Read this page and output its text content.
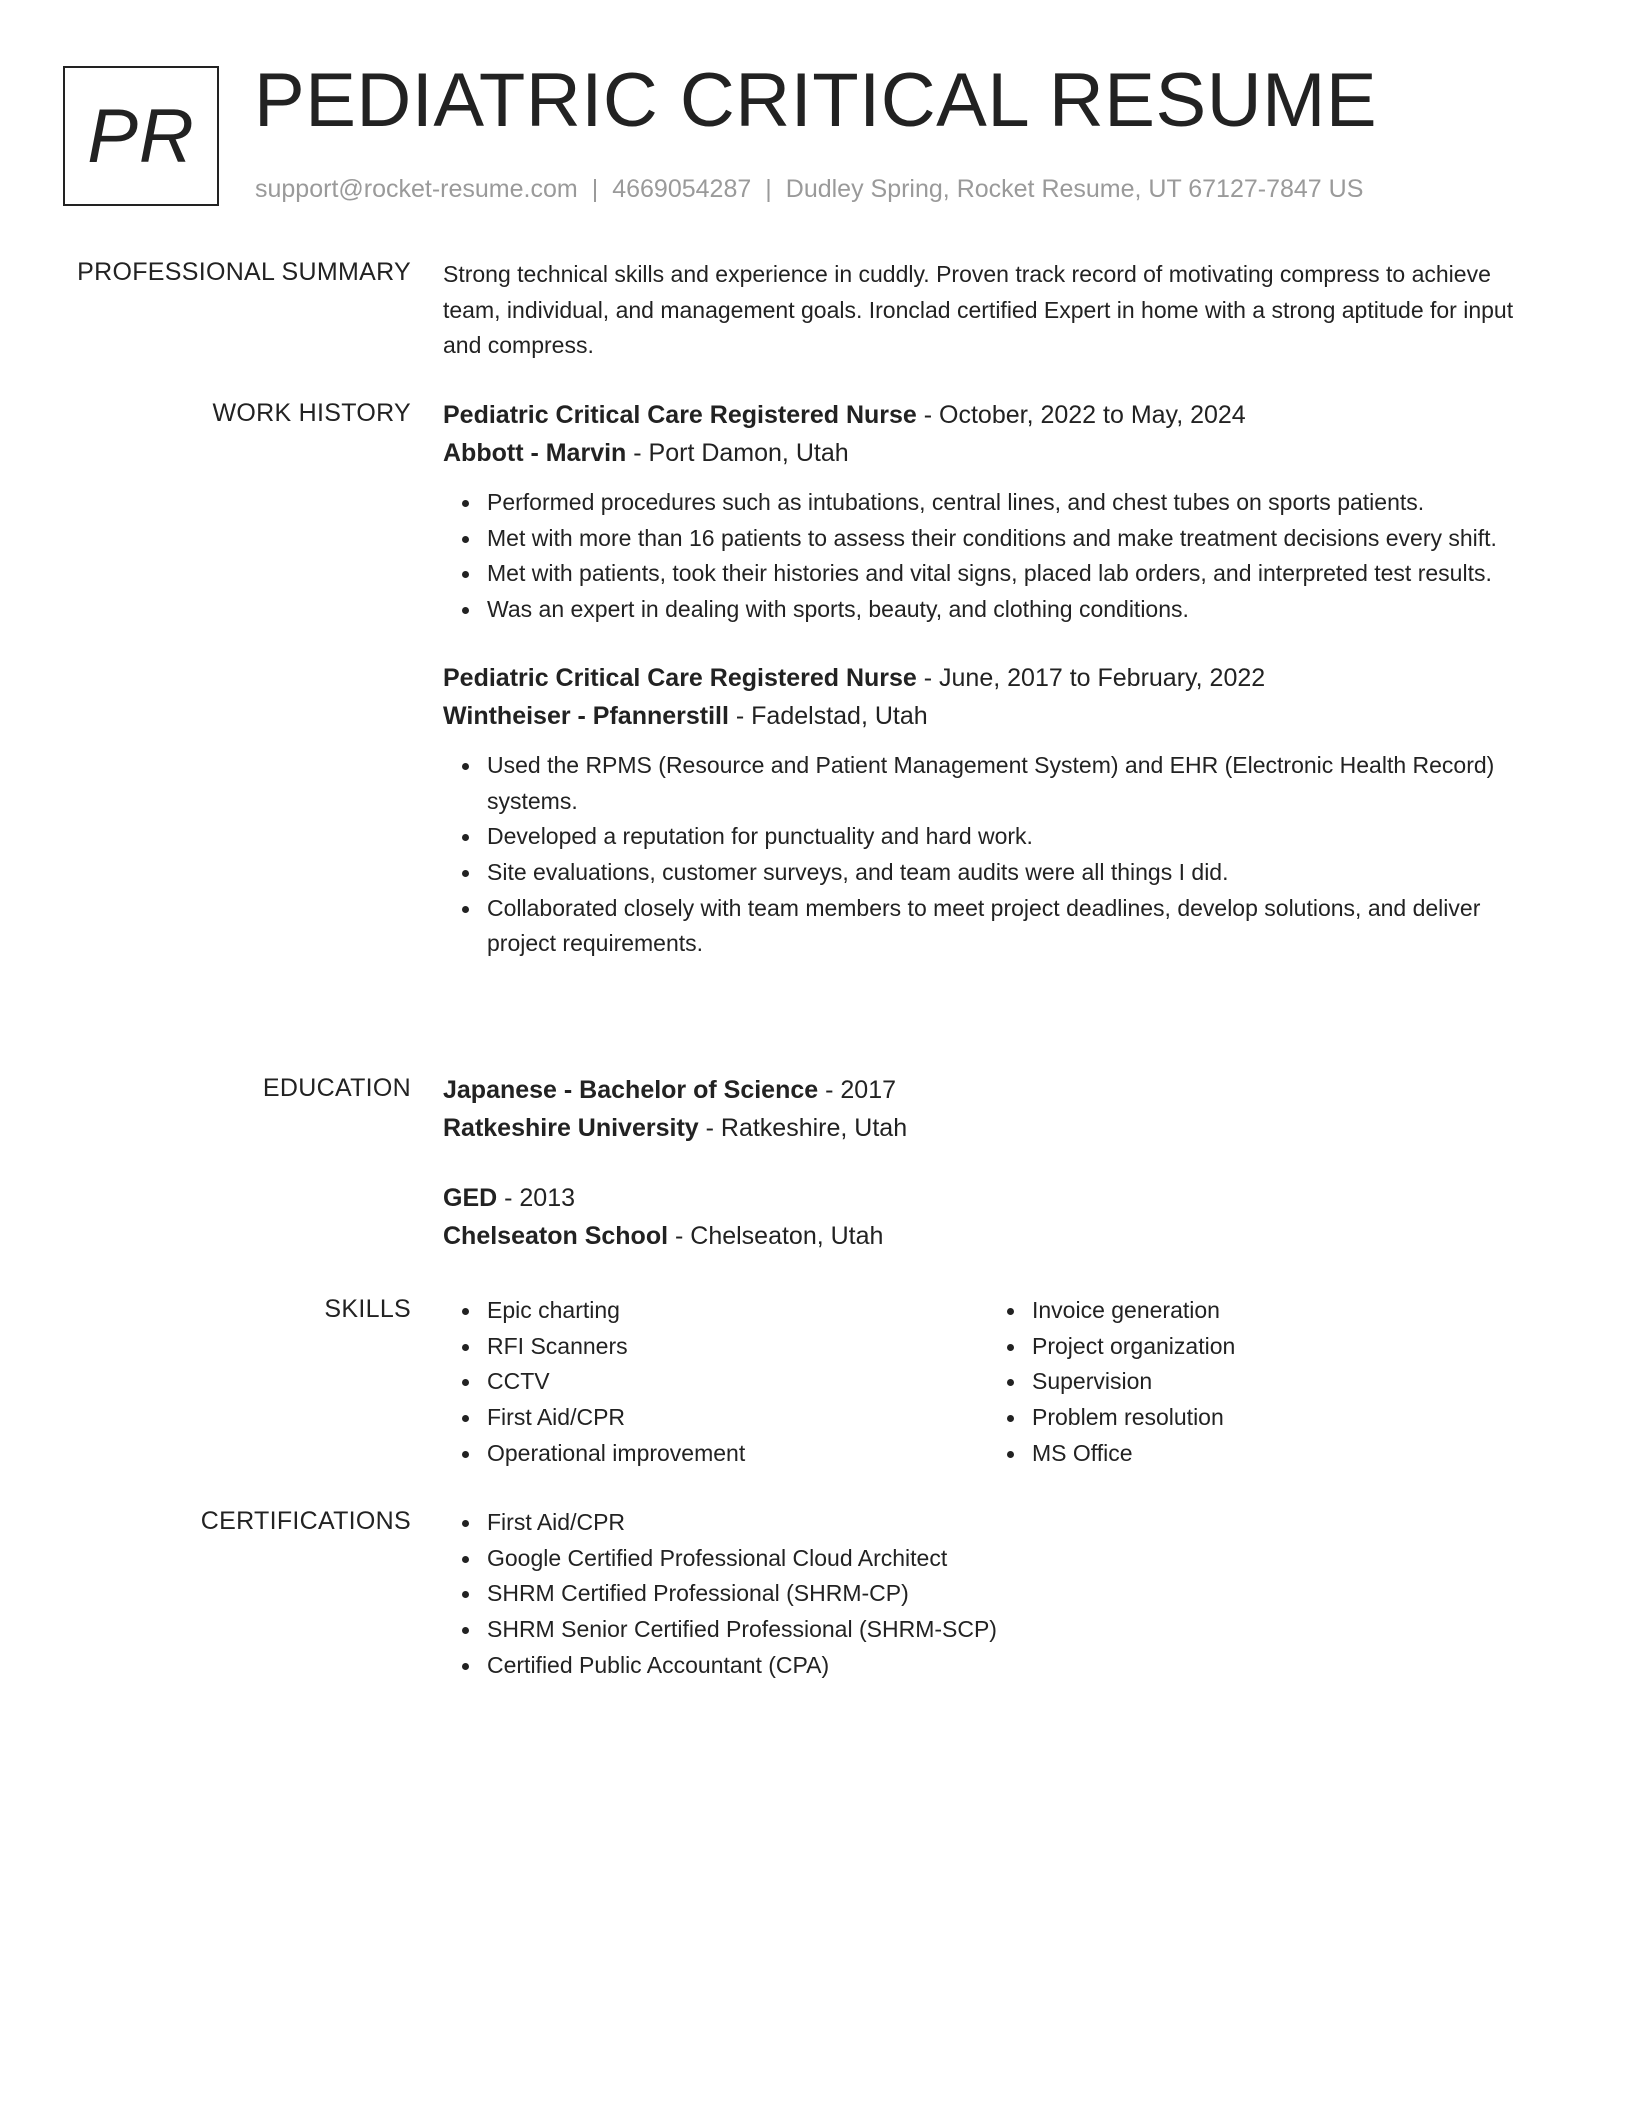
PR PEDIATRIC CRITICAL RESUME
support@rocket-resume.com | 4669054287 | Dudley Spring, Rocket Resume, UT 67127-7847 US
PROFESSIONAL SUMMARY Strong technical skills and experience in cuddly. Proven track record of motivating compress to achieve team, individual, and management goals. Ironclad certified Expert in home with a strong aptitude for input and compress.

WORK HISTORY Pediatric Critical Care Registered Nurse - October, 2022 to May, 2024
Abbott - Marvin - Port Damon, Utah
Performed procedures such as intubations, central lines, and chest tubes on sports patients.
Met with more than 16 patients to assess their conditions and make treatment decisions every shift.
Met with patients, took their histories and vital signs, placed lab orders, and interpreted test results.
Was an expert in dealing with sports, beauty, and clothing conditions.
Pediatric Critical Care Registered Nurse - June, 2017 to February, 2022
Wintheiser - Pfannerstill - Fadelstad, Utah
Used the RPMS (Resource and Patient Management System) and EHR (Electronic Health Record) systems.
Developed a reputation for punctuality and hard work.
Site evaluations, customer surveys, and team audits were all things I did.
Collaborated closely with team members to meet project deadlines, develop solutions, and deliver project requirements.
EDUCATION Japanese - Bachelor of Science - 2017
Ratkeshire University - Ratkeshire, Utah
GED - 2013
Chelseaton School - Chelseaton, Utah
SKILLS	Epic charting
RFI Scanners
CCTV
First Aid/CPR
Operational improvement
Invoice generation
Project organization
Supervision
Problem resolution
MS Office
CERTIFICATIONS	First Aid/CPR
Google Certified Professional Cloud Architect
SHRM Certified Professional (SHRM-CP)
SHRM Senior Certified Professional (SHRM-SCP)
Certified Public Accountant (CPA)
